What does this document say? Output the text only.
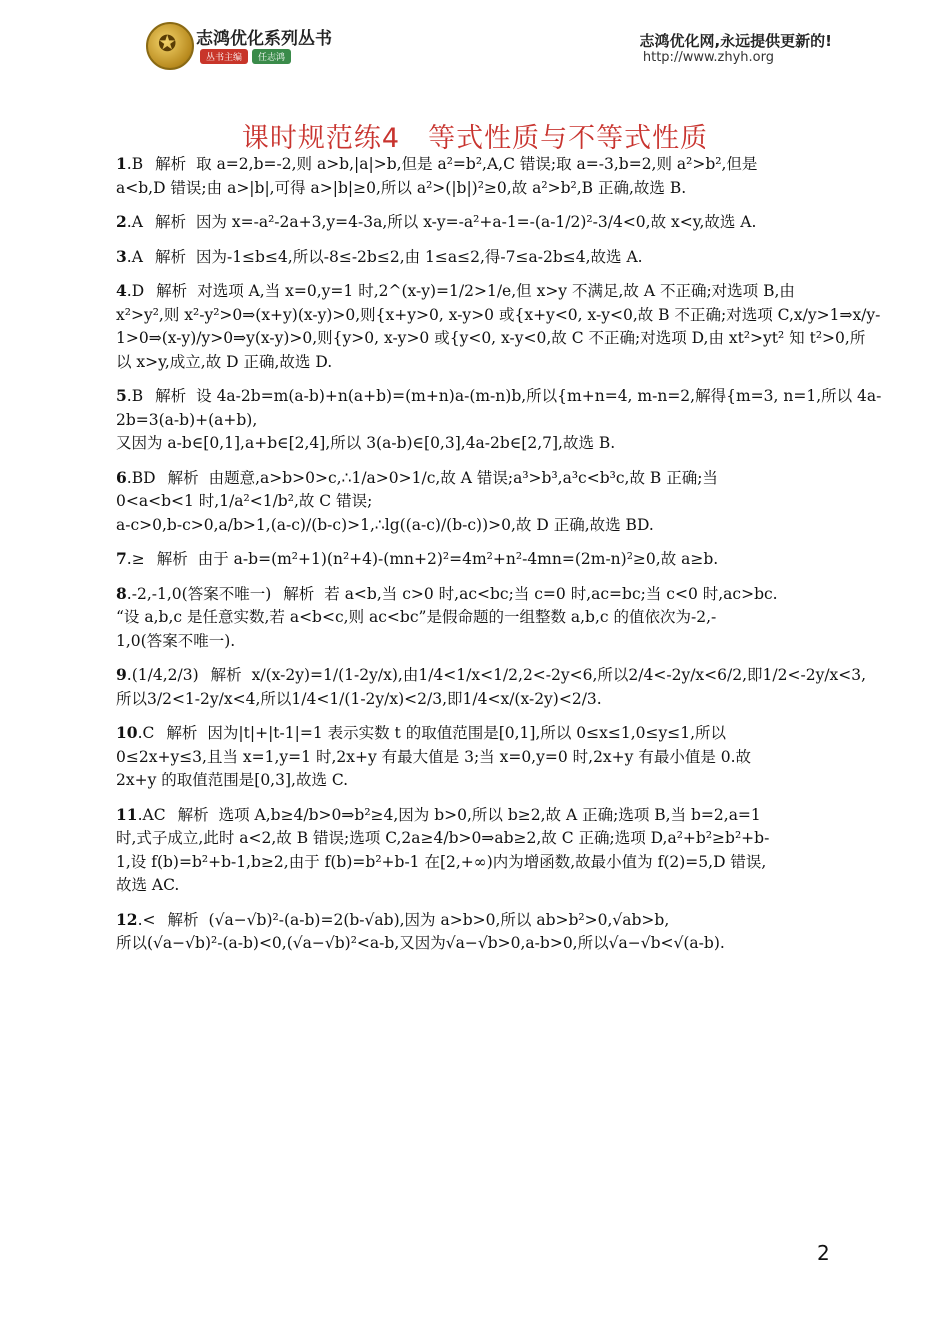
✪ 志鸿优化系列丛书
丛书主编	任志鸿
志鸿优化网,永远提供更新的!
http://www.zhyh.org
课时规范练4　等式性质与不等式性质
1.B 解析 取 a=2,b=-2,则 a>b,|a|>b,但是 a²=b²,A,C 错误;取 a=-3,b=2,则 a²>b²,但是
a<b,D 错误;由 a>|b|,可得 a>|b|≥0,所以 a²>(|b|)²≥0,故 a²>b²,B 正确,故选 B.
2.A 解析 因为 x=-a²-2a+3,y=4-3a,所以 x-y=-a²+a-1=-(a-1/2)²-3/4<0,故 x<y,故选 A.
3.A 解析 因为-1≤b≤4,所以-8≤-2b≤2,由 1≤a≤2,得-7≤a-2b≤4,故选 A.
4.D 解析 对选项 A,当 x=0,y=1 时,2^(x-y)=1/2>1/e,但 x>y 不满足,故 A 不正确;对选项 B,由
x²>y²,则 x²-y²>0⇒(x+y)(x-y)>0,则{x+y>0, x-y>0 或{x+y<0, x-y<0,故 B 不正确;对选项 C,x/y>1⇒x/y-
1>0⇒(x-y)/y>0⇒y(x-y)>0,则{y>0, x-y>0 或{y<0, x-y<0,故 C 不正确;对选项 D,由 xt²>yt² 知 t²>0,所
以 x>y,成立,故 D 正确,故选 D.
5.B 解析 设 4a-2b=m(a-b)+n(a+b)=(m+n)a-(m-n)b,所以{m+n=4, m-n=2,解得{m=3, n=1,所以 4a-
2b=3(a-b)+(a+b),
又因为 a-b∈[0,1],a+b∈[2,4],所以 3(a-b)∈[0,3],4a-2b∈[2,7],故选 B.
6.BD 解析 由题意,a>b>0>c,∴1/a>0>1/c,故 A 错误;a³>b³,a³c<b³c,故 B 正确;当
0<a<b<1 时,1/a²<1/b²,故 C 错误;
a-c>0,b-c>0,a/b>1,(a-c)/(b-c)>1,∴lg((a-c)/(b-c))>0,故 D 正确,故选 BD.
7.≥ 解析 由于 a-b=(m²+1)(n²+4)-(mn+2)²=4m²+n²-4mn=(2m-n)²≥0,故 a≥b.
8.-2,-1,0(答案不唯一) 解析 若 a<b,当 c>0 时,ac<bc;当 c=0 时,ac=bc;当 c<0 时,ac>bc.
“设 a,b,c 是任意实数,若 a<b<c,则 ac<bc”是假命题的一组整数 a,b,c 的值依次为-2,-
1,0(答案不唯一).
9.(1/4,2/3) 解析 x/(x-2y)=1/(1-2y/x),由1/4<1/x<1/2,2<-2y<6,所以2/4<-2y/x<6/2,即1/2<-2y/x<3,
所以3/2<1-2y/x<4,所以1/4<1/(1-2y/x)<2/3,即1/4<x/(x-2y)<2/3.
10.C 解析 因为|t|+|t-1|=1 表示实数 t 的取值范围是[0,1],所以 0≤x≤1,0≤y≤1,所以
0≤2x+y≤3,且当 x=1,y=1 时,2x+y 有最大值是 3;当 x=0,y=0 时,2x+y 有最小值是 0.故
2x+y 的取值范围是[0,3],故选 C.
11.AC 解析 选项 A,b≥4/b>0⇒b²≥4,因为 b>0,所以 b≥2,故 A 正确;选项 B,当 b=2,a=1
时,式子成立,此时 a<2,故 B 错误;选项 C,2a≥4/b>0⇒ab≥2,故 C 正确;选项 D,a²+b²≥b²+b-
1,设 f(b)=b²+b-1,b≥2,由于 f(b)=b²+b-1 在[2,+∞)内为增函数,故最小值为 f(2)=5,D 错误,
故选 AC.
12.< 解析 (√a−√b)²-(a-b)=2(b-√ab),因为 a>b>0,所以 ab>b²>0,√ab>b,
所以(√a−√b)²-(a-b)<0,(√a−√b)²<a-b,又因为√a−√b>0,a-b>0,所以√a−√b<√(a-b).
2
